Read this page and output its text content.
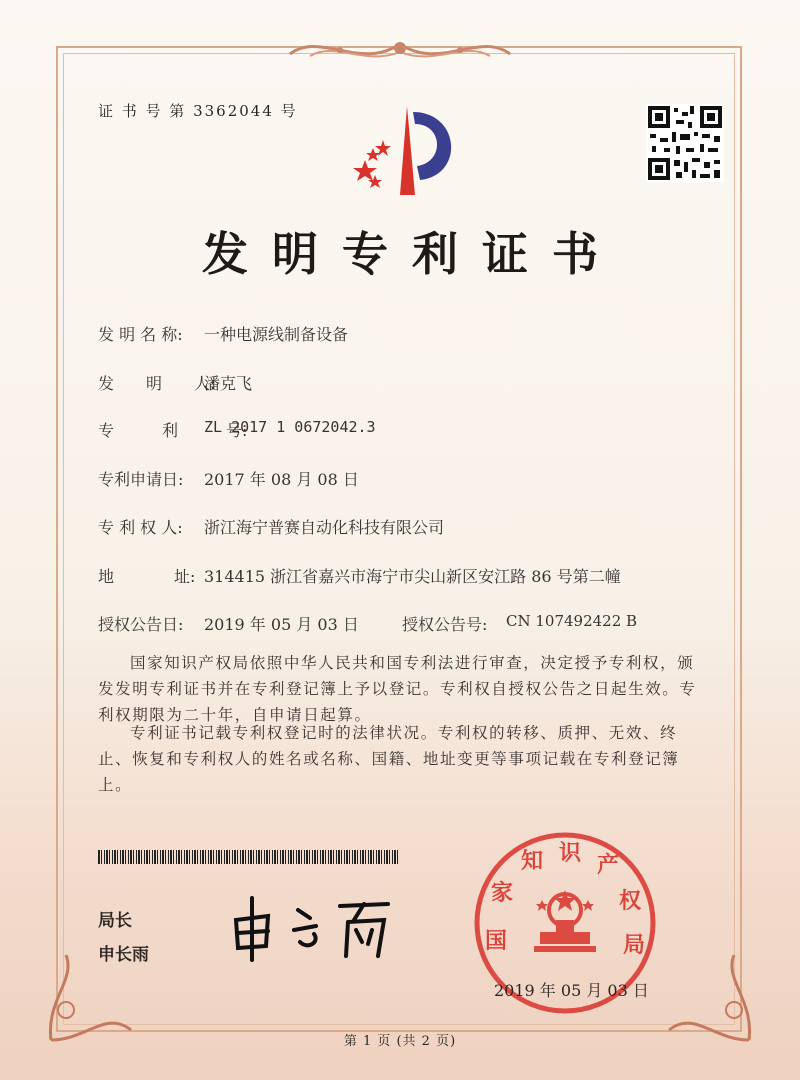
证 书 号 第 3362044 号
发明专利证书
发 明 名 称: 一种电源线制备设备
发　　明　　人:
潘克飞
专　　　利　　　号:
ZL 2017 1 0672042.3
专利申请日: 2017 年 08 月 08 日
专 利 权 人: 浙江海宁普赛自动化科技有限公司
地	址: 314415 浙江省嘉兴市海宁市尖山新区安江路 86 号第二幢
授权公告日: 2019 年 05 月 03 日	授权公告号: CN 107492422 B
国家知识产权局依照中华人民共和国专利法进行审查，决定授予专利权，颁发发明专利证书并在专利登记簿上予以登记。专利权自授权公告之日起生效。专利权期限为二十年，自申请日起算。
专利证书记载专利权登记时的法律状况。专利权的转移、质押、无效、终止、恢复和专利权人的姓名或名称、国籍、地址变更等事项记载在专利登记簿上。
局长
申长雨
国
家
知 识 产
权
局
2019 年 05 月 03 日
第 1 页 (共 2 页)
